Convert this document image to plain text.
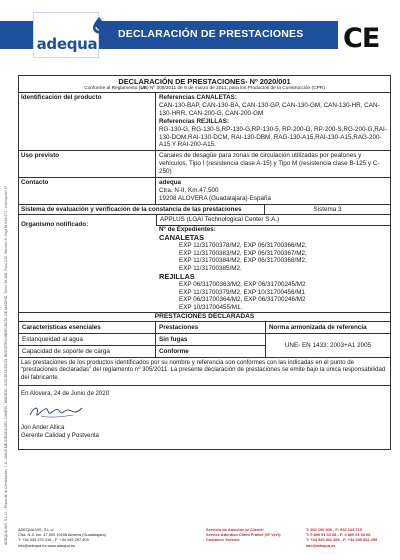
adequa
DECLARACIÓN DE PRESTACIONES CE
ADEQUA WS, S.L.U. - Plaza de la Constitución, 7-8 - 28840 MEJORADA DEL CAMPO - MADRID - INSCRITA EN EL REGISTRO MERCANTIL DE MADRID, Tomo 36.108, Folio 135, Sección 8, Hoja M-649.077 - Inscripción 1ª
DECLARACIÓN DE PRESTACIONES- Nº 2020/001
Conforme al Reglamento (UE) Nº 305/2011 de 9 de marzo de 2011, para los Productos de la Construcción (CPR)
Identificación del producto	Referencias CANALETAS:
CAN-130-BAP, CAN-130-BA, CAN-130-GP, CAN-130-GM, CAN-130-HR, CAN-130-HRR, CAN-200-G, CAN-200-GM
Referencias REJILLAS:
RG-130-G, RG-130-S,RP-130-G,RP-130-5, RP-200-G, RP-200-S,RG-200-G,RAI-130-DOM,RAI-130-DCM, RAI-130-DBM, RAG-130-A15,RAI-130-A15,RAG-200-A15 Y RAI-200-A15.
Uso previsto	Canales de desagüe para zonas de circulación utilizadas por peatones y vehículos. Tipo I (resistencia clase A-15) y Tipo M (resistencia clase B-125 y C-250)
Contacto	adequa
Ctra. N-II, Km.47,500
19208 ALOVERA (Guadalajara)-España
Sistema de evaluación y verificación de la constancia de las prestaciones	Sistema 3
Organismo notificado:
APPLUS (LGAI Technological Center S.A.)
Nº de Expedientes:
CANALETAS
EXP 11/31700378/M2, EXP 06/31700366/M2,
EXP 11/31700383/M2, EXP 06/31700367/M2,
EXP 11/31700384/M2, EXP 06/31700368/M2,
EXP 11/31700385/M2.
REJILLAS
EXP 06/31700363/M2, EXP 06/31700245/M2
EXP 11/31700379/M2, EXP 10/31700456/M1
EXP 06/31700364/M2, EXP 06/31700246/M2
EXP 10/31700455/M1.
PRESTACIONES DECLARADAS
Características esenciales	Prestaciones	Norma armonizada de referencia
Estanqueidad al agua	Sin fugas
UNE- EN 1433: 2003+A1 2005
Capacidad de soporte de carga	Conforme
Las prestaciones de los productos identificados por su nombre y referencia son conformes con las indicadas en el punto de “prestaciones declaradas” del reglamento nº 305/2011. La presente declaración de prestaciones se emite bajo la única responsabilidad del fabricante.
En Alovera, 24 de Junio de 2020
Jon Ander Allica
Gerente Calidad y Postventa
ADEQUA WS, S.L.U.
Ctra. N-II, km. 47,500 19208 Alovera (Guadalajara)
T: +34 949 270 316 - F: +34 949 297 409
info@adequa.es www.adequa.es
Servicio de Atención al Cliente:
Service Attention Client France (Nº Vert):
Customer Service:
T: 902 190 000 - F: 902 103 715
T: 0 800 91 03 68 - F: 0 800 91 03 66
T: +34 949 831 459 - F: +34 949 831 459
sac@adequa.es
